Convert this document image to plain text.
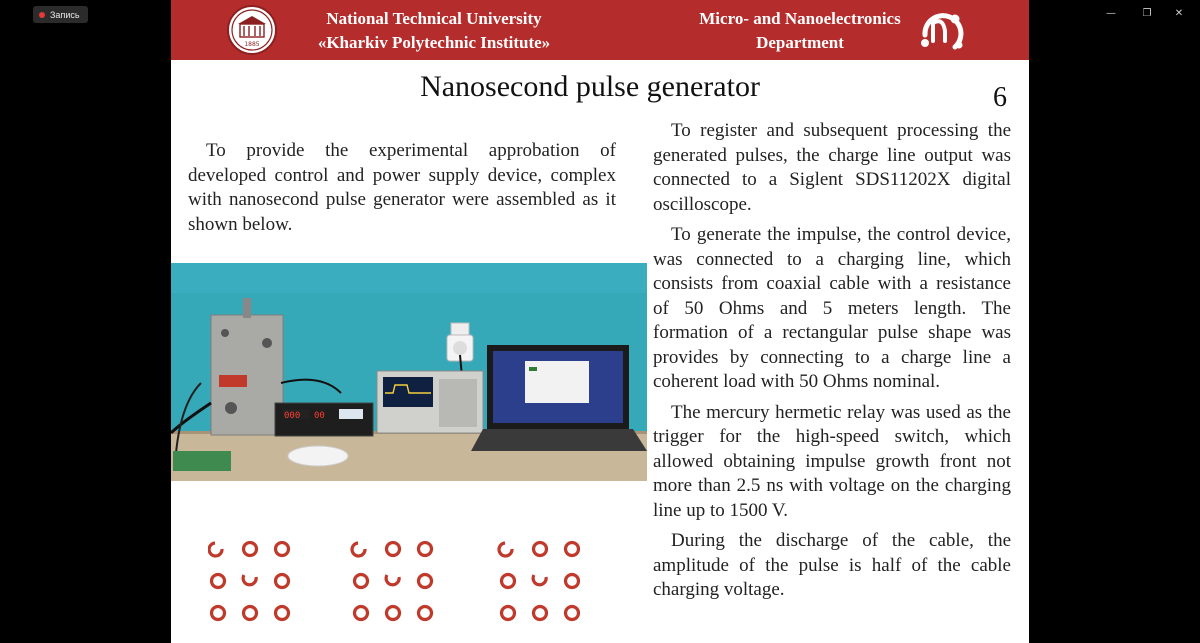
Запись	—	❐	✕
1885
National Technical University
«Kharkiv Polytechnic Institute»
Micro- and Nanoelectronics
Department
Nanosecond pulse generator	6

To provide the experimental approbation of developed control and power supply device, complex with nanosecond pulse generator were assembled as it shown below.

To register and subsequent processing the generated pulses, the charge line output was connected to a Siglent SDS11202X digital oscilloscope.

To generate the impulse, the control device, was connected to a charging line, which consists from coaxial cable with a resistance of 50 Ohms and 5 meters length. The formation of a rectangular pulse shape was provides by connecting to a charge line a coherent load with 50 Ohms nominal.

The mercury hermetic relay was used as the trigger for the high-speed switch, which allowed obtaining impulse growth front not more than 2.5 ns with voltage on the charging line up to 1500 V.

During the discharge of the cable, the amplitude of the pulse is half of the cable charging voltage.

000 00
